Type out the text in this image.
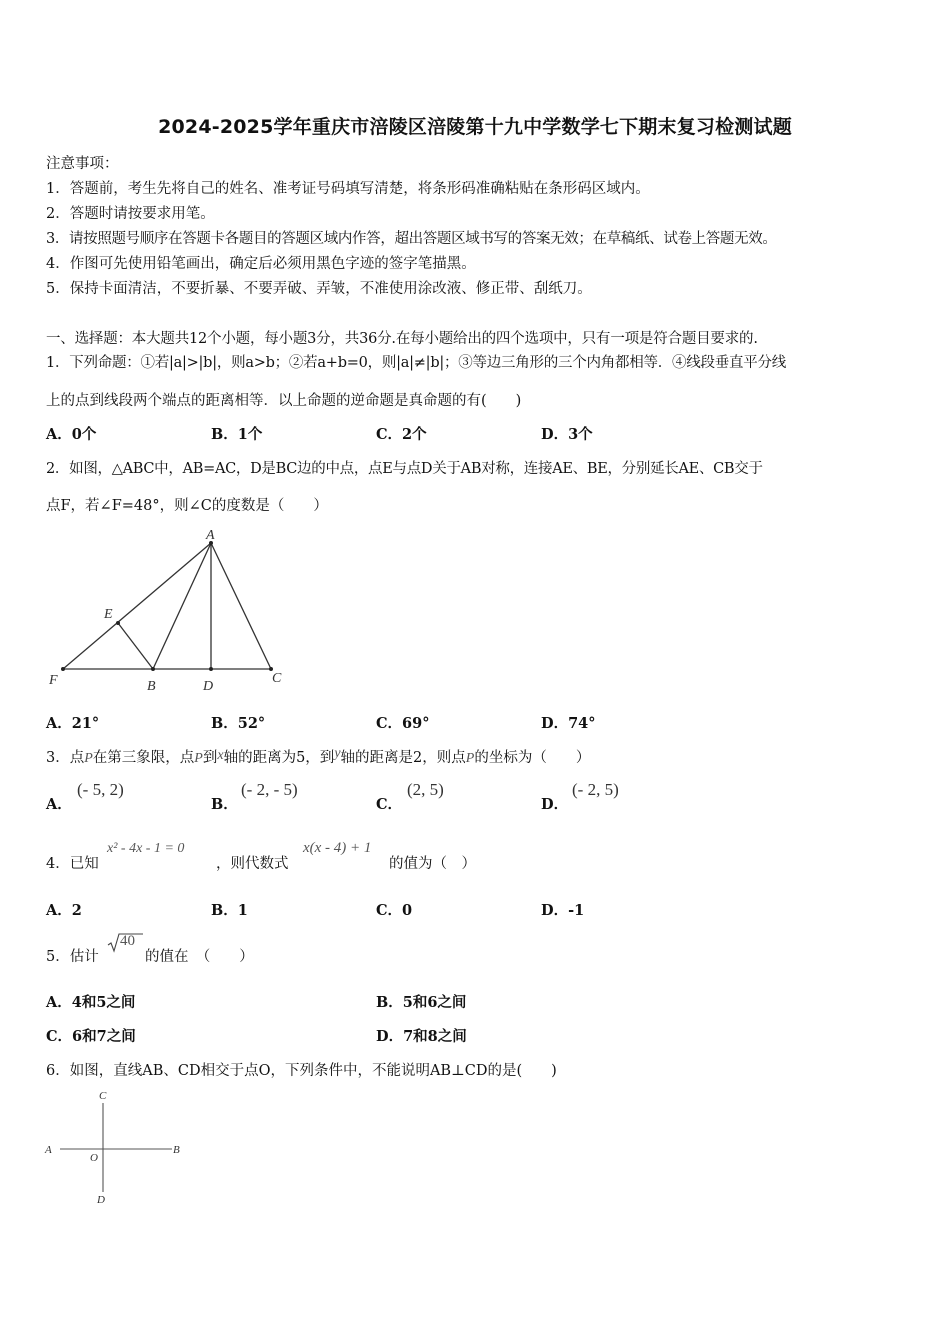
2024-2025学年重庆市涪陵区涪陵第十九中学数学七下期末复习检测试题
注意事项：
1．答题前，考生先将自己的姓名、准考证号码填写清楚，将条形码准确粘贴在条形码区域内。
2．答题时请按要求用笔。
3．请按照题号顺序在答题卡各题目的答题区域内作答，超出答题区域书写的答案无效；在草稿纸、试卷上答题无效。
4．作图可先使用铅笔画出，确定后必须用黑色字迹的签字笔描黑。
5．保持卡面清洁，不要折暴、不要弄破、弄皱，不准使用涂改液、修正带、刮纸刀。
一、选择题：本大题共12个小题，每小题3分，共36分.在每小题给出的四个选项中，只有一项是符合题目要求的.
1．下列命题：①若|a|>|b|，则a>b；②若a+b=0，则|a|≠|b|；③等边三角形的三个内角都相等．④线段垂直平分线
上的点到线段两个端点的距离相等．以上命题的逆命题是真命题的有(　　)
A．0个	B．1个	C．2个	D．3个
2．如图，△ABC中，AB=AC，D是BC边的中点，点E与点D关于AB对称，连接AE、BE，分别延长AE、CB交于
点F，若∠F=48°，则∠C的度数是（　　）
A
E
F	B	D
C
A．21°	B．52°	C．69°	D．74°
3．点P在第三象限，点P到x轴的距离为5，到y轴的距离是2，则点P的坐标为（　　）
A．
(- 5, 2)
B．
(- 2, - 5)
C．
(2, 5)
D．
(- 2, 5)
4．已知
x² - 4x - 1 = 0
，则代数式
x(x - 4) + 1
的值为（　）
A．2	B．1	C．0	D．-1
5．估计
40
的值在　（　　）
A．4和5之间	B．5和6之间
C．6和7之间	D．7和8之间
6．如图，直线AB、CD相交于点O，下列条件中，不能说明AB⊥CD的是(　　)
C
A	B
O
D
